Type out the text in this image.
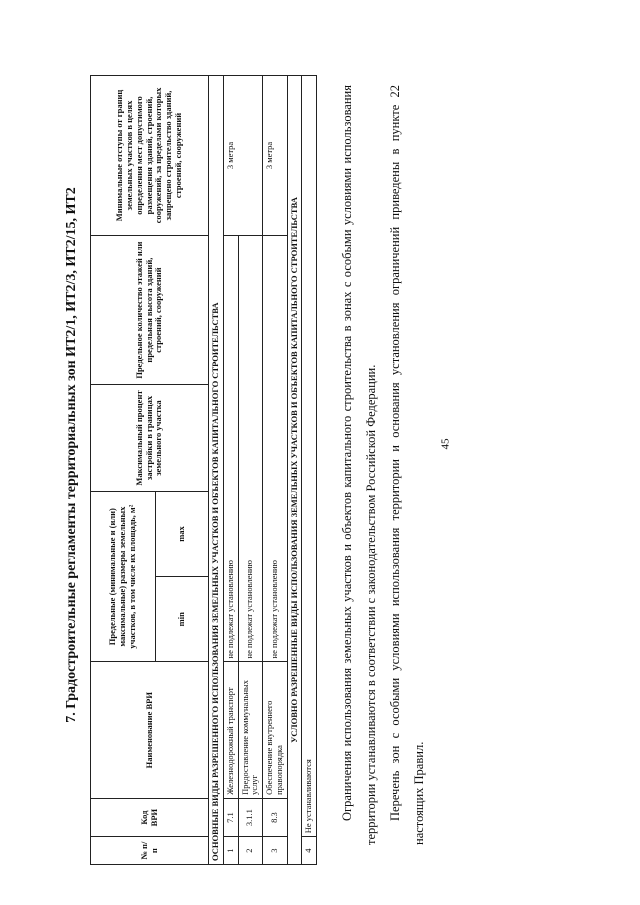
45
7. Градостроительные регламенты территориальных зон ИТ2/1, ИТ2/3, ИТ2/15, ИТ2
№ п/п	Код ВРИ	Наименование ВРИ	Предельные (минимальные и (или) максимальные) размеры земельных участков, в том числе их площадь, м²		Максимальный процент застройки в границах земельного участка	Предельное количество этажей или предельная высота зданий, строений, сооружений	Минимальные отступы от границ земельных участков в целях определения мест допустимого размещения зданий, строений, сооружений, за пределами которых запрещено строительство зданий, строений, сооружений
			min	max			
ОСНОВНЫЕ ВИДЫ РАЗРЕШЕННОГО ИСПОЛЬЗОВАНИЯ ЗЕМЕЛЬНЫХ УЧАСТКОВ И ОБЪЕКТОВ КАПИТАЛЬНОГО СТРОИТЕЛЬСТВА							
1	7.1	Железнодорожный транспорт	не подлежат установлению				3 метра
2	3.1.1	Предоставление коммунальных услуг	не подлежат установлению				
3	8.3	Обеспечение внутреннего правопорядка	не подлежат установлению				3 метра
УСЛОВНО РАЗРЕШЕННЫЕ ВИДЫ ИСПОЛЬЗОВАНИЯ ЗЕМЕЛЬНЫХ УЧАСТКОВ И ОБЪЕКТОВ КАПИТАЛЬНОГО СТРОИТЕЛЬСТВА							
4	Не устанавливаются							Ограничения использования земельных участков и объектов капитального строительства в зонах с особыми условиями использования территории устанавливаются в соответствии с законодательством Российской Федерации. Перечень зон с особыми условиями использования территории и основания установления ограничений приведены в пункте 22 настоящих Правил.
